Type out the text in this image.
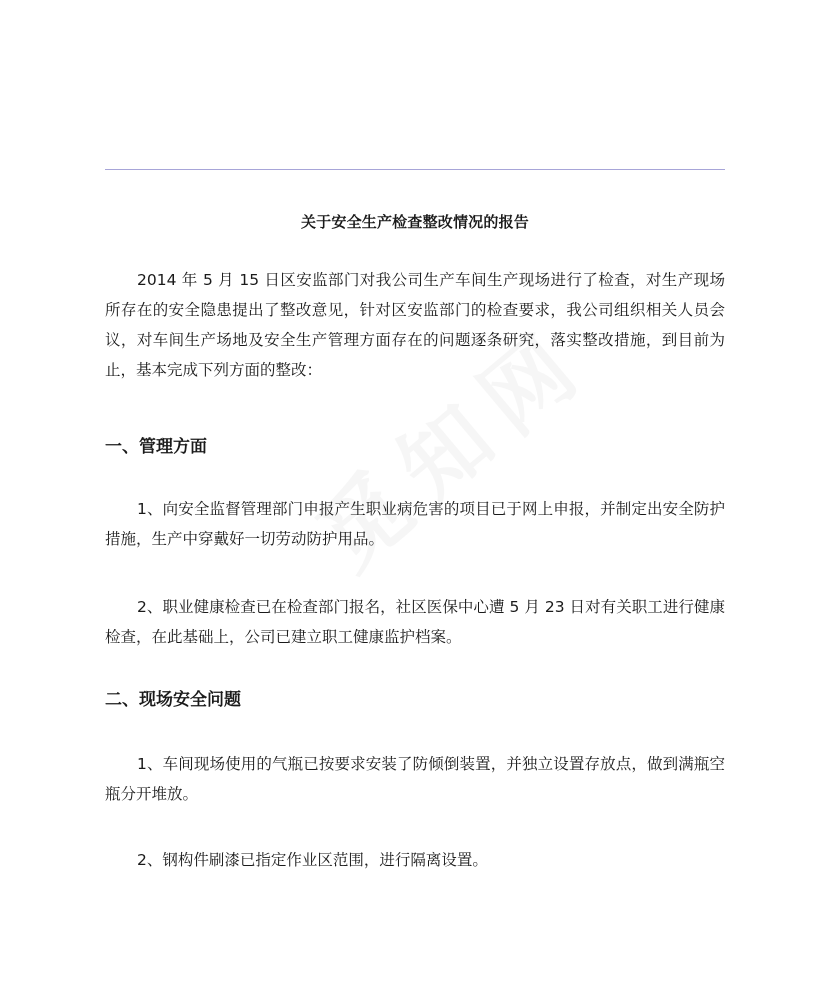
关于安全生产检查整改情况的报告

2014 年 5 月 15 日区安监部门对我公司生产车间生产现场进行了检查，对生产现场所存在的安全隐患提出了整改意见，针对区安监部门的检查要求，我公司组织相关人员会议，对车间生产场地及安全生产管理方面存在的问题逐条研究，落实整改措施，到目前为止，基本完成下列方面的整改：

一、管理方面

1、向安全监督管理部门申报产生职业病危害的项目已于网上申报，并制定出安全防护措施，生产中穿戴好一切劳动防护用品。

2、职业健康检查已在检查部门报名，社区医保中心遭 5 月 23 日对有关职工进行健康检查，在此基础上，公司已建立职工健康监护档案。

二、现场安全问题

1、车间现场使用的气瓶已按要求安装了防倾倒装置，并独立设置存放点，做到满瓶空瓶分开堆放。

2、钢构件刷漆已指定作业区范围，进行隔离设置。
